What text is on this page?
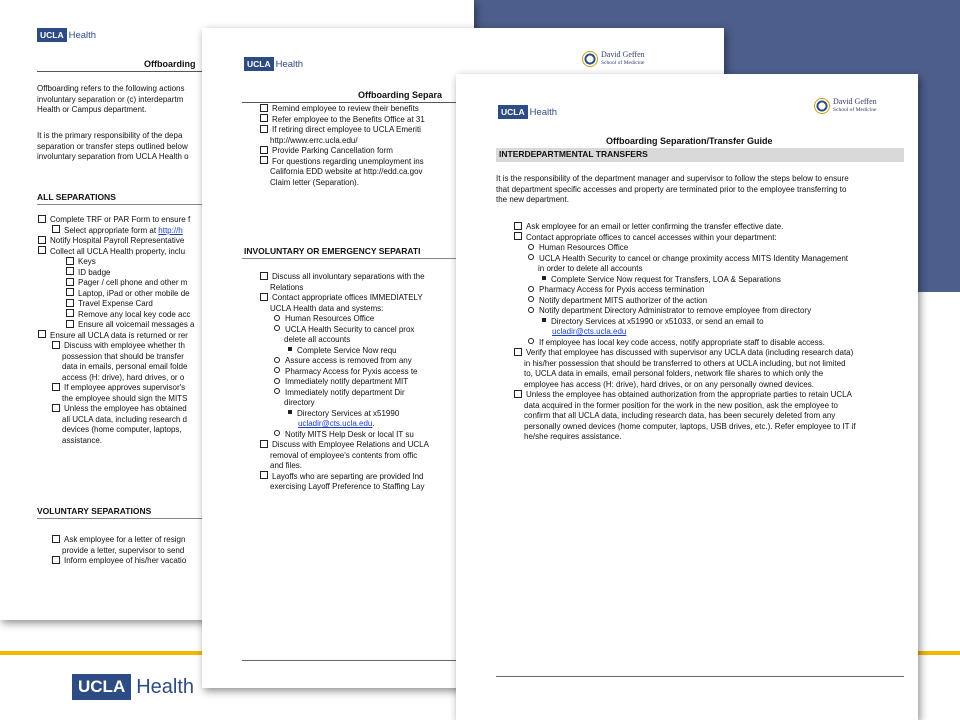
UCLA Health
UCLA Health
Offboarding
Offboarding refers to the following actions
involuntary separation or (c) interdepartm
Health or Campus department.
It is the primary responsibility of the depa
separation or transfer steps outlined below
involuntary separation from UCLA Health o
ALL SEPARATIONS
Complete TRF or PAR Form to ensure f
Select appropriate form at http://h
Notify Hospital Payroll Representative
Collect all UCLA Health property, inclu
Keys
ID badge
Pager / cell phone and other m
Laptop, iPad or other mobile de
Travel Expense Card
Remove any local key code acc
Ensure all voicemail messages a
Ensure all UCLA data is returned or rer
Discuss with employee whether th
possession that should be transfer
data in emails, personal email folde
access (H: drive), hard drives, or o
If employee approves supervisor's
the employee should sign the MITS
Unless the employee has obtained
all UCLA data, including research d
devices (home computer, laptops,
assistance.
VOLUNTARY SEPARATIONS
Ask employee for a letter of resign
provide a letter, supervisor to send
Inform employee of his/her vacatio
UCLA Health
David Geffen
School of Medicine
Offboarding Separa
Remind employee to review their benefits
Refer employee to the Benefits Office at 31
If retiring direct employee to UCLA Emeriti
http://www.errc.ucla.edu/
Provide Parking Cancellation form
For questions regarding unemployment ins
California EDD website at http://edd.ca.gov
Claim letter (Separation).
INVOLUNTARY OR EMERGENCY SEPARATI
Discuss all involuntary separations with the
Relations
Contact appropriate offices IMMEDIATELY
UCLA Health data and systems:
Human Resources Office
UCLA Health Security to cancel prox
delete all accounts
Complete Service Now requ
Assure access is removed from any
Pharmacy Access for Pyxis access te
Immediately notify department MIT
Immediately notify department Dir
directory
Directory Services at x51990
ucladir@cts.ucla.edu.
Notify MITS Help Desk or local IT su
Discuss with Employee Relations and UCLA
removal of employee's contents from offic
and files.
Layoffs who are separting are provided Ind
exercising Layoff Preference to Staffing Lay
UCLA Health
David Geffen
School of Medicine
Offboarding Separation/Transfer Guide
INTERDEPARTMENTAL TRANSFERS
It is the responsibility of the department manager and supervisor to follow the steps below to ensure
that department specific accesses and property are terminated prior to the employee transferring to
the new department.
Ask employee for an email or letter confirming the transfer effective date.
Contact appropriate offices to cancel accesses within your department:
Human Resources Office
UCLA Health Security to cancel or change proximity access MITS Identity Management
in order to delete all accounts
Complete Service Now request for Transfers, LOA & Separations
Pharmacy Access for Pyxis access termination
Notify department MITS authorizer of the action
Notify department Directory Administrator to remove employee from directory
Directory Services at x51990 or x51033, or send an email to
ucladir@cts.ucla.edu
If employee has local key code access, notify appropriate staff to disable access.
Verify that employee has discussed with supervisor any UCLA data (including research data)
in his/her possession that should be transferred to others at UCLA including, but not limited
to, UCLA data in emails, email personal folders, network file shares to which only the
employee has access (H: drive), hard drives, or on any personally owned devices.
Unless the employee has obtained authorization from the appropriate parties to retain UCLA
data acquired in the former position for the work in the new position, ask the employee to
confirm that all UCLA data, including research data, has been securely deleted from any
personally owned devices (home computer, laptops, USB drives, etc.). Refer employee to IT if
he/she requires assistance.
